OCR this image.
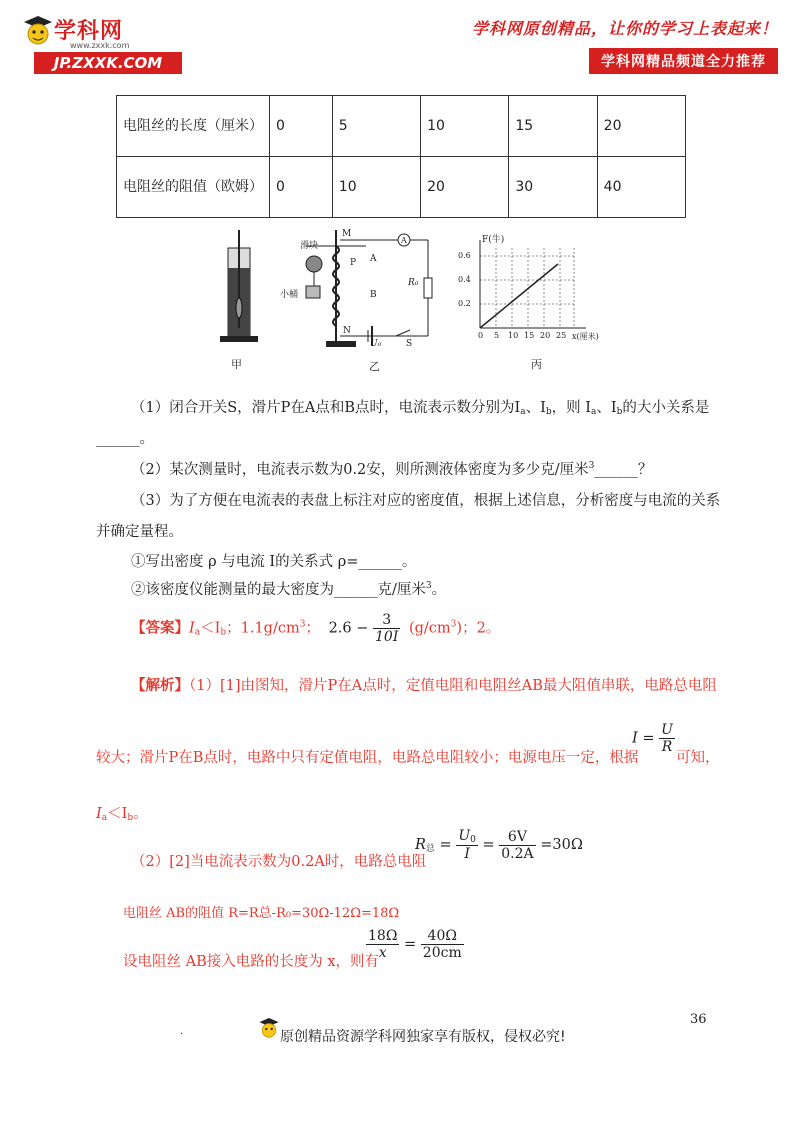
学科网
www.zxxk.com
JP.ZXXK.COM
学科网原创精品，让你的学习上表起来！
学科网精品频道全力推荐
电阻丝的长度（厘米）	0	5	10	15	20
电阻丝的阻值（欧姆）	0	10	20	30	40
甲
滑块
小桶
M
P A
B
N
R₀
U₀	S
A
乙
F(牛)
0.6
0.4
0.2
0 5 10 15 20 25 x(厘米)
丙
（1）闭合开关S，滑片P在A点和B点时，电流表示数分别为$I_a$、$I_b$，则 $I_a$、$I_b$的大小关系是
______。
（2）某次测量时，电流表示数为0.2安，则所测液体密度为多少克/厘米$^3$______？
（3）为了方便在电流表的表盘上标注对应的密度值，根据上述信息，分析密度与电流的关系
并确定量程。
①写出密度 ρ 与电流 I的关系式 ρ=______。
②该密度仪能测量的最大密度为______克/厘米$^3$。
【答案】$I_a<I_b$；$1.1g/cm^3$； $2.6 - \frac{3}{10I} (g/cm^3)$；2。
【解析】（1）[1]由图知，滑片P在A点时，定值电阻和电阻丝AB最大阻值串联，电路总电阻
较大；滑片P在B点时，电路中只有定值电阻，电路总电阻较小；电源电压一定，根据
$I = \frac{U}{R}$
可知，
$I_a<I_b$。
（2）[2]当电流表示数为0.2A时，电路总电阻
$R_总 = \frac{U_0}{I} = \frac{6V}{0.2A} =30\Omega$
电阻丝 AB的阻值 R=R总-R₀=30Ω-12Ω=18Ω
设电阻丝 AB接入电路的长度为 x，则有
$\frac{18\Omega}{x} = \frac{40\Omega}{20cm}$
36
.	原创精品资源学科网独家享有版权，侵权必究!
